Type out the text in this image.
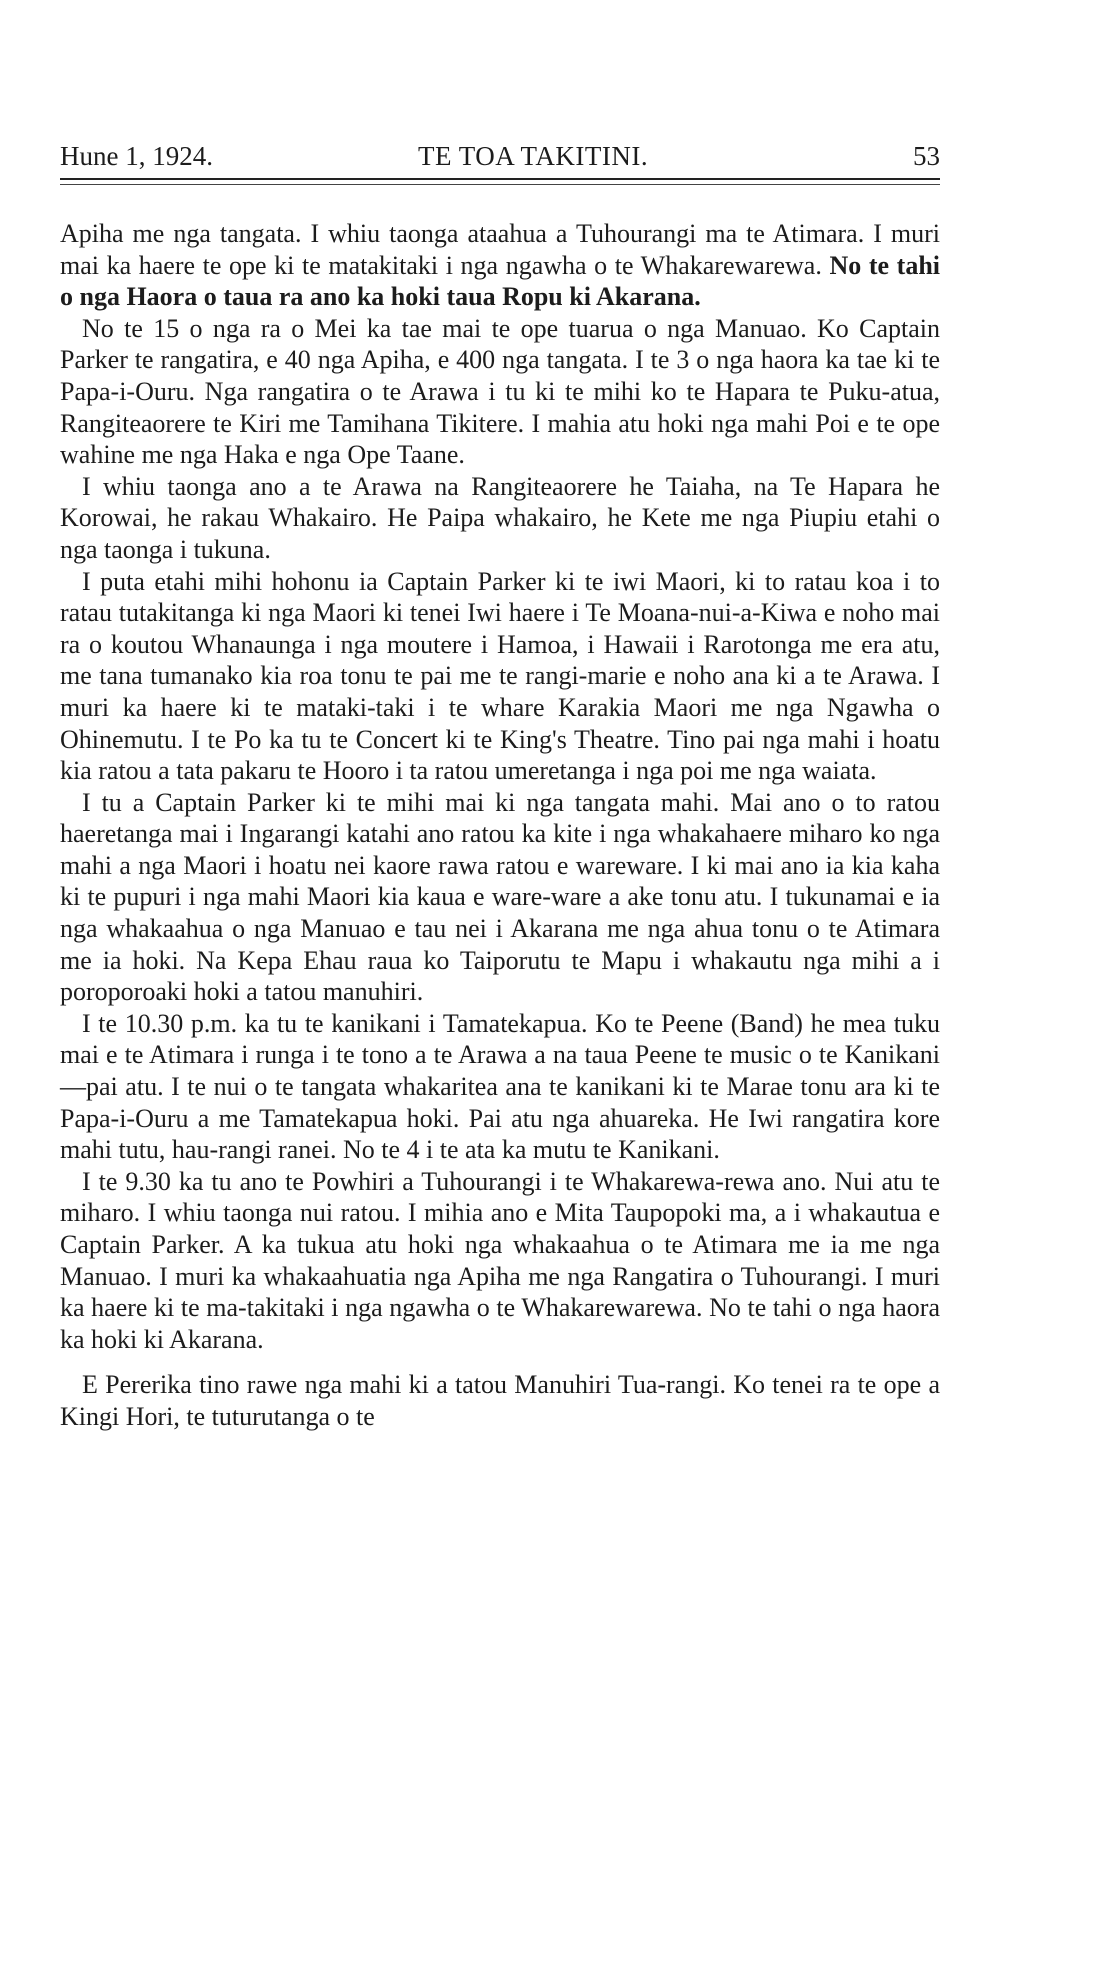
Hune 1, 1924.	TE TOA TAKITINI.	53

Apiha me nga tangata. I whiu taonga ataahua a Tuhourangi ma te Atimara. I muri mai ka haere te ope ki te matakitaki i nga ngawha o te Whakarewarewa. No te tahi o nga Haora o taua ra ano ka hoki taua Ropu ki Akarana.

No te 15 o nga ra o Mei ka tae mai te ope tuarua o nga Manuao. Ko Captain Parker te rangatira, e 40 nga Apiha, e 400 nga tangata. I te 3 o nga haora ka tae ki te Papa-i-Ouru. Nga rangatira o te Arawa i tu ki te mihi ko te Hapara te Puku-atua, Rangiteaorere te Kiri me Tamihana Tikitere. I mahia atu hoki nga mahi Poi e te ope wahine me nga Haka e nga Ope Taane.

I whiu taonga ano a te Arawa na Rangiteaorere he Taiaha, na Te Hapara he Korowai, he rakau Whakairo. He Paipa whakairo, he Kete me nga Piupiu etahi o nga taonga i tukuna.

I puta etahi mihi hohonu ia Captain Parker ki te iwi Maori, ki to ratau koa i to ratau tutakitanga ki nga Maori ki tenei Iwi haere i Te Moana-nui-a-Kiwa e noho mai ra o koutou Whanaunga i nga moutere i Hamoa, i Hawaii i Rarotonga me era atu, me tana tumanako kia roa tonu te pai me te rangi-marie e noho ana ki a te Arawa. I muri ka haere ki te mataki-taki i te whare Karakia Maori me nga Ngawha o Ohinemutu. I te Po ka tu te Concert ki te King's Theatre. Tino pai nga mahi i hoatu kia ratou a tata pakaru te Hooro i ta ratou umeretanga i nga poi me nga waiata.

I tu a Captain Parker ki te mihi mai ki nga tangata mahi. Mai ano o to ratou haeretanga mai i Ingarangi katahi ano ratou ka kite i nga whakahaere miharo ko nga mahi a nga Maori i hoatu nei kaore rawa ratou e wareware. I ki mai ano ia kia kaha ki te pupuri i nga mahi Maori kia kaua e ware-ware a ake tonu atu. I tukunamai e ia nga whakaahua o nga Manuao e tau nei i Akarana me nga ahua tonu o te Atimara me ia hoki. Na Kepa Ehau raua ko Taiporutu te Mapu i whakautu nga mihi a i poroporoaki hoki a tatou manuhiri.

I te 10.30 p.m. ka tu te kanikani i Tamatekapua. Ko te Peene (Band) he mea tuku mai e te Atimara i runga i te tono a te Arawa a na taua Peene te music o te Kanikani—pai atu. I te nui o te tangata whakaritea ana te kanikani ki te Marae tonu ara ki te Papa-i-Ouru a me Tamatekapua hoki. Pai atu nga ahuareka. He Iwi rangatira kore mahi tutu, hau-rangi ranei. No te 4 i te ata ka mutu te Kanikani.

I te 9.30 ka tu ano te Powhiri a Tuhourangi i te Whakarewa-rewa ano. Nui atu te miharo. I whiu taonga nui ratou. I mihia ano e Mita Taupopoki ma, a i whakautua e Captain Parker. A ka tukua atu hoki nga whakaahua o te Atimara me ia me nga Manuao. I muri ka whakaahuatia nga Apiha me nga Rangatira o Tuhourangi. I muri ka haere ki te ma-takitaki i nga ngawha o te Whakarewarewa. No te tahi o nga haora ka hoki ki Akarana.

E Pererika tino rawe nga mahi ki a tatou Manuhiri Tua-rangi. Ko tenei ra te ope a Kingi Hori, te tuturutanga o te
